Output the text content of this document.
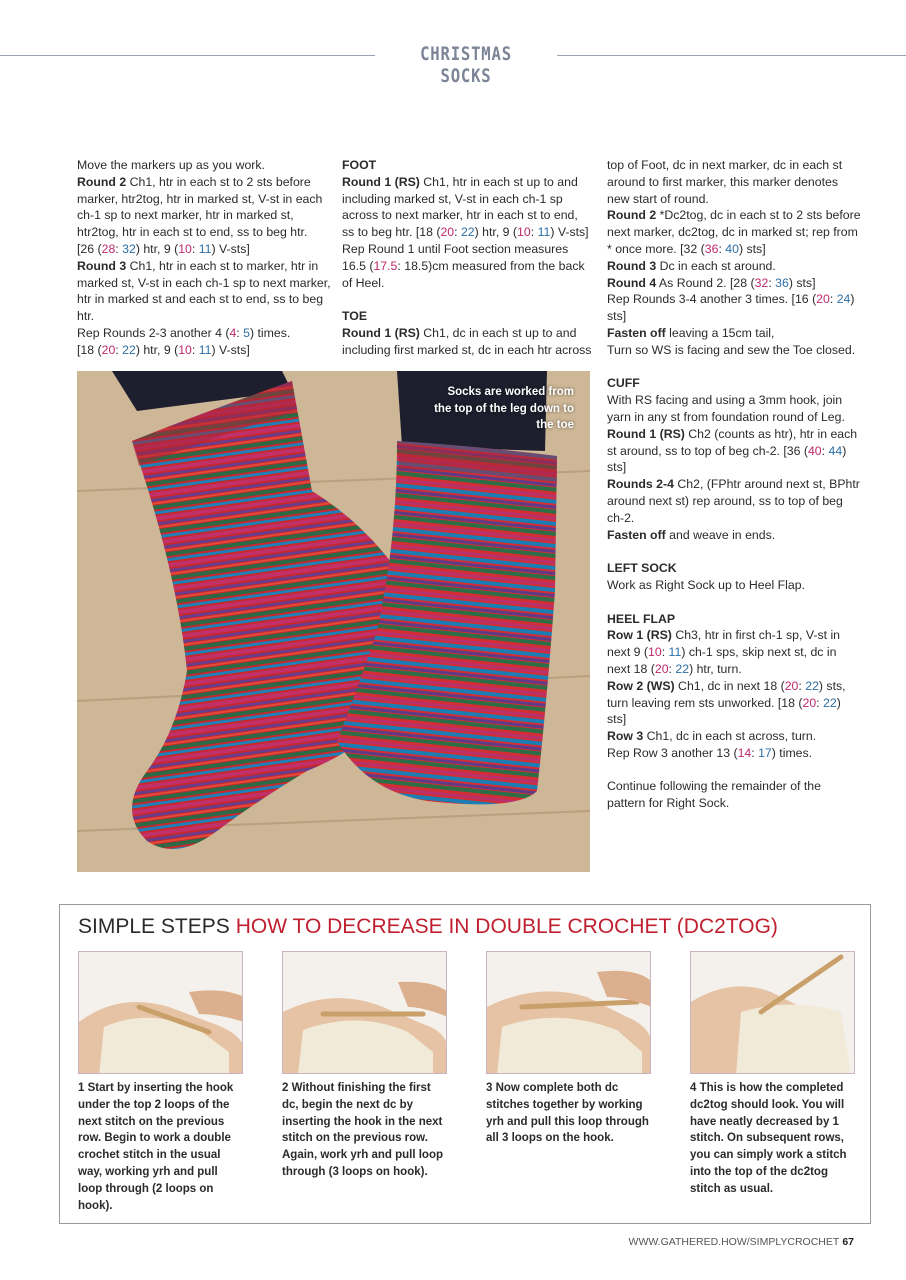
CHRISTMAS SOCKS

Move the markers up as you work.

Round 2 Ch1, htr in each st to 2 sts before marker, htr2tog, htr in marked st, V-st in each ch-1 sp to next marker, htr in marked st, htr2tog, htr in each st to end, ss to beg htr.

[26 (28: 32) htr, 9 (10: 11) V-sts]

Round 3 Ch1, htr in each st to marker, htr in marked st, V-st in each ch-1 sp to next marker, htr in marked st and each st to end, ss to beg htr.

Rep Rounds 2-3 another 4 (4: 5) times.

[18 (20: 22) htr, 9 (10: 11) V-sts]

FOOT

Round 1 (RS) Ch1, htr in each st up to and including marked st, V-st in each ch-1 sp across to next marker, htr in each st to end, ss to beg htr. [18 (20: 22) htr, 9 (10: 11) V-sts]

Rep Round 1 until Foot section measures 16.5 (17.5: 18.5)cm measured from the back of Heel.

TOE

Round 1 (RS) Ch1, dc in each st up to and including first marked st, dc in each htr across

top of Foot, dc in next marker, dc in each st around to first marker, this marker denotes new start of round.

Round 2 *Dc2tog, dc in each st to 2 sts before next marker, dc2tog, dc in marked st; rep from * once more. [32 (36: 40) sts]

Round 3 Dc in each st around.

Round 4 As Round 2. [28 (32: 36) sts]

Rep Rounds 3-4 another 3 times. [16 (20: 24) sts]

Fasten off leaving a 15cm tail,

Turn so WS is facing and sew the Toe closed.

CUFF

With RS facing and using a 3mm hook, join yarn in any st from foundation round of Leg.

Round 1 (RS) Ch2 (counts as htr), htr in each st around, ss to top of beg ch-2. [36 (40: 44) sts]

Rounds 2-4 Ch2, (FPhtr around next st, BPhtr around next st) rep around, ss to top of beg ch-2.

Fasten off and weave in ends.

LEFT SOCK

Work as Right Sock up to Heel Flap.

HEEL FLAP

Row 1 (RS) Ch3, htr in first ch-1 sp, V-st in next 9 (10: 11) ch-1 sps, skip next st, dc in next 18 (20: 22) htr, turn.

Row 2 (WS) Ch1, dc in next 18 (20: 22) sts, turn leaving rem sts unworked. [18 (20: 22) sts]

Row 3 Ch1, dc in each st across, turn.

Rep Row 3 another 13 (14: 17) times.

Continue following the remainder of the pattern for Right Sock.

Socks are worked from the top of the leg down to the toe
SIMPLE STEPS HOW TO DECREASE IN DOUBLE CROCHET (DC2TOG)
1 Start by inserting the hook under the top 2 loops of the next stitch on the previous row. Begin to work a double crochet stitch in the usual way, working yrh and pull loop through (2 loops on hook).
2 Without finishing the first dc, begin the next dc by inserting the hook in the next stitch on the previous row. Again, work yrh and pull loop through (3 loops on hook).
3 Now complete both dc stitches together by working yrh and pull this loop through all 3 loops on the hook.
4 This is how the completed dc2tog should look. You will have neatly decreased by 1 stitch. On subsequent rows, you can simply work a stitch into the top of the dc2tog stitch as usual.
WWW.GATHERED.HOW/SIMPLYCROCHET 67
